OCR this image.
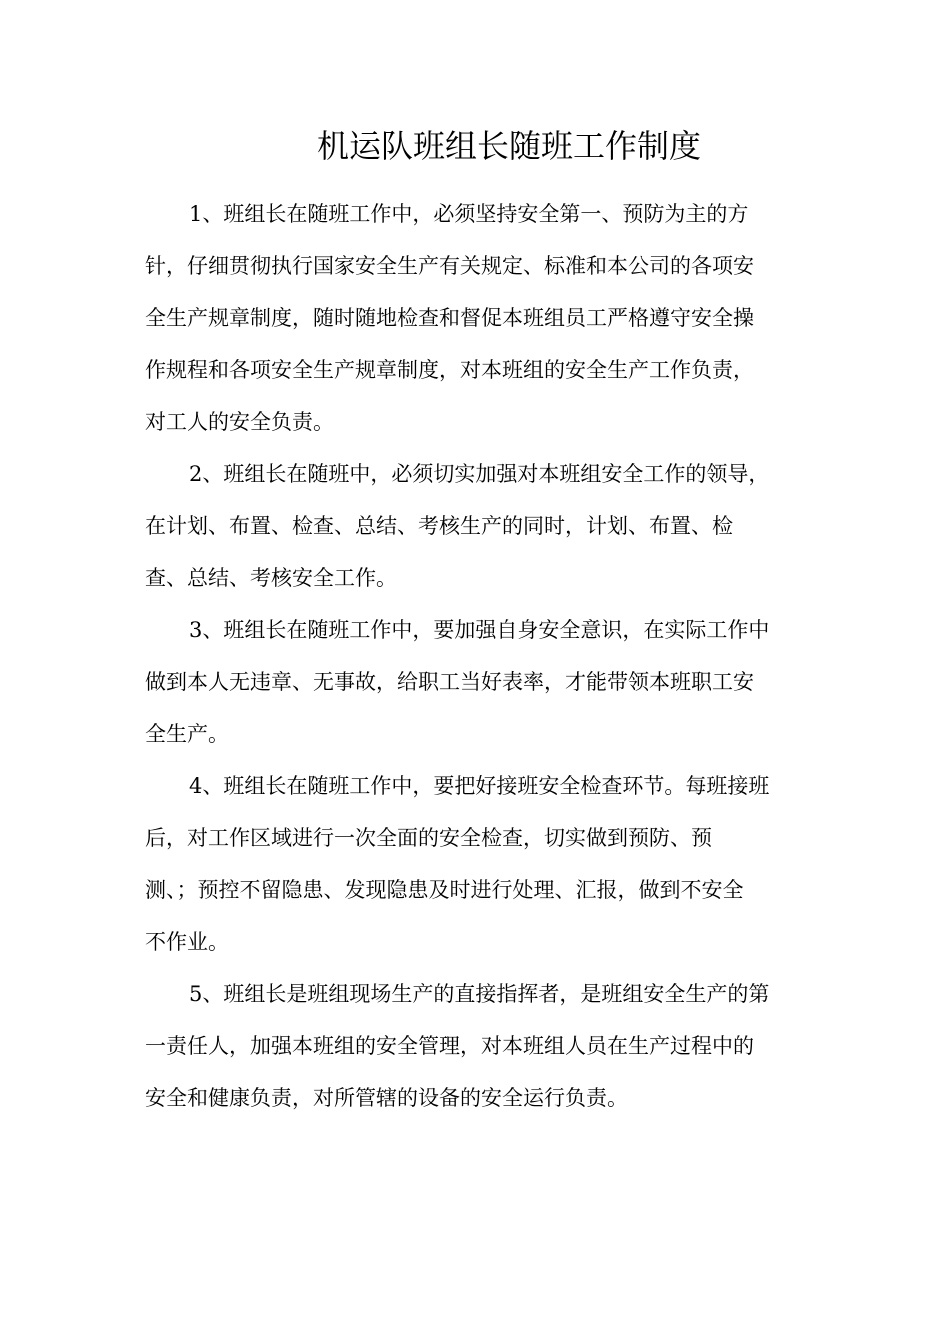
机运队班组长随班工作制度

1、班组长在随班工作中，必须坚持安全第一、预防为主的方
针，仔细贯彻执行国家安全生产有关规定、标准和本公司的各项安
全生产规章制度，随时随地检查和督促本班组员工严格遵守安全操
作规程和各项安全生产规章制度，对本班组的安全生产工作负责，
对工人的安全负责。

2、班组长在随班中，必须切实加强对本班组安全工作的领导，
在计划、布置、检查、总结、考核生产的同时，计划、布置、检
查、总结、考核安全工作。

3、班组长在随班工作中，要加强自身安全意识，在实际工作中
做到本人无违章、无事故，给职工当好表率，才能带领本班职工安
全生产。

4、班组长在随班工作中，要把好接班安全检查环节。每班接班
后，对工作区域进行一次全面的安全检查，切实做到预防、预
测、；预控不留隐患、发现隐患及时进行处理、汇报，做到不安全
不作业。

5、班组长是班组现场生产的直接指挥者，是班组安全生产的第
一责任人，加强本班组的安全管理，对本班组人员在生产过程中的
安全和健康负责，对所管辖的设备的安全运行负责。
